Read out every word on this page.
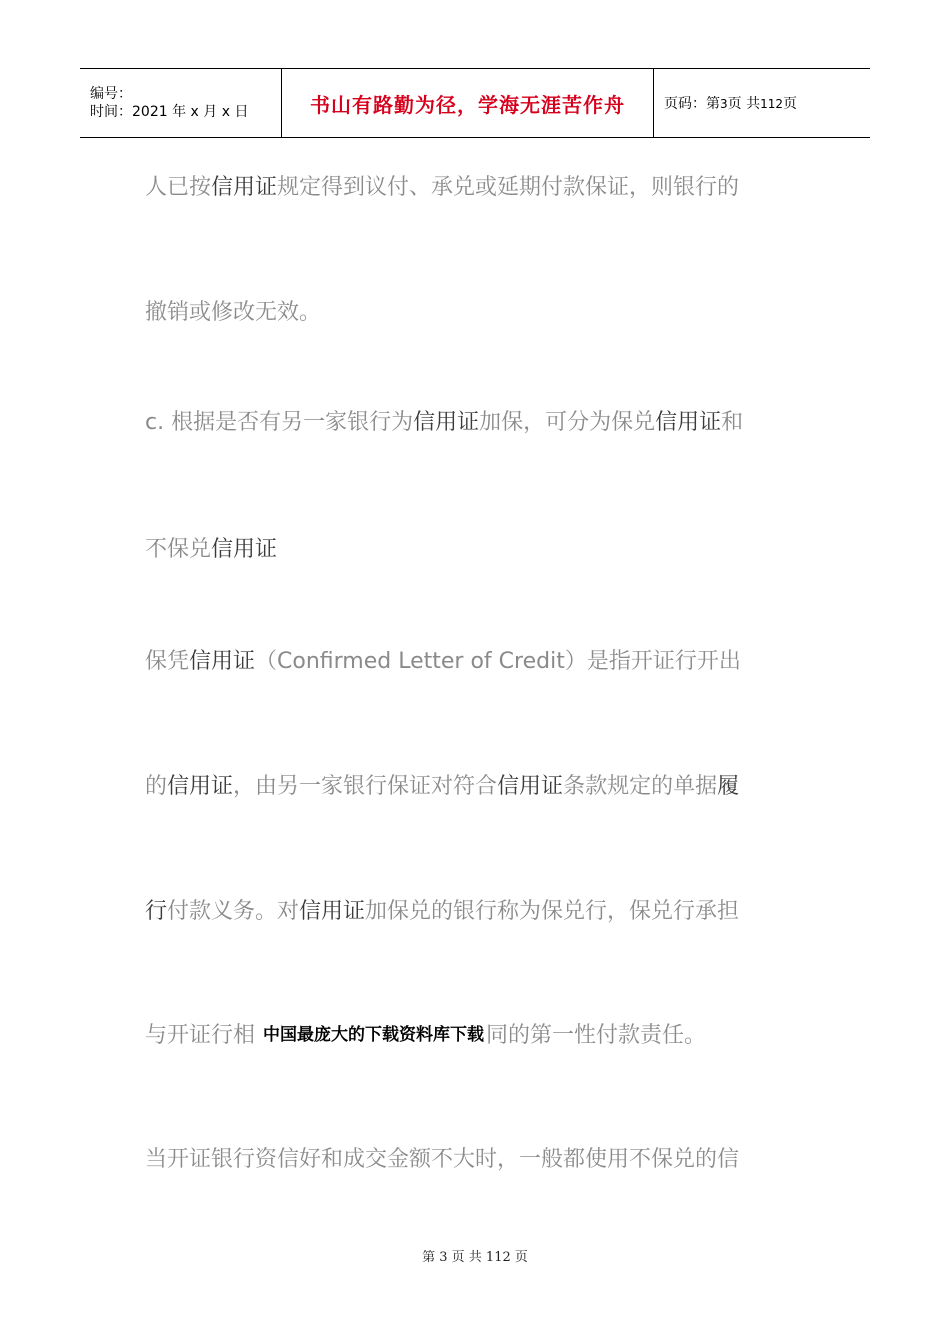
编号：
时间：2021 年 x 月 x 日	书山有路勤为径，学海无涯苦作舟	页码：第3页 共112页
人已按信用证规定得到议付、承兑或延期付款保证，则银行的
撤销或修改无效。
c. 根据是否有另一家银行为信用证加保，可分为保兑信用证和
不保兑信用证
保凭信用证（Confirmed Letter of Credit）是指开证行开出
的信用证，由另一家银行保证对符合信用证条款规定的单据履
行付款义务。对信用证加保兑的银行称为保兑行，保兑行承担
与开证行相 中国最庞大的下载资料库下载同的第一性付款责任。
当开证银行资信好和成交金额不大时，一般都使用不保兑的信
第 3 页 共 112 页
